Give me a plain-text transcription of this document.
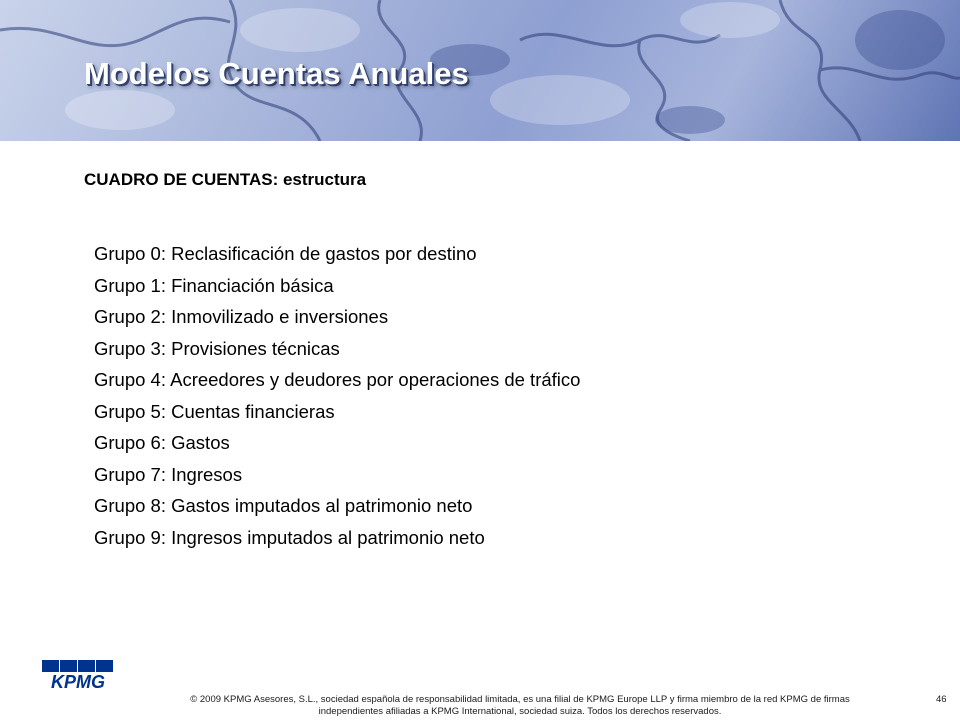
Modelos Cuentas Anuales
CUADRO DE CUENTAS: estructura
Grupo 0: Reclasificación de gastos por destino
Grupo 1: Financiación básica
Grupo 2: Inmovilizado e inversiones
Grupo 3: Provisiones técnicas
Grupo 4: Acreedores y deudores por operaciones de tráfico
Grupo 5: Cuentas financieras
Grupo 6: Gastos
Grupo 7: Ingresos
Grupo 8: Gastos imputados al patrimonio neto
Grupo 9: Ingresos imputados al patrimonio neto
KPMG
© 2009 KPMG Asesores, S.L., sociedad española de responsabilidad limitada, es una filial de KPMG Europe LLP y firma miembro de la red KPMG de firmas
independientes afiliadas a KPMG International, sociedad suiza. Todos los derechos reservados.
46
